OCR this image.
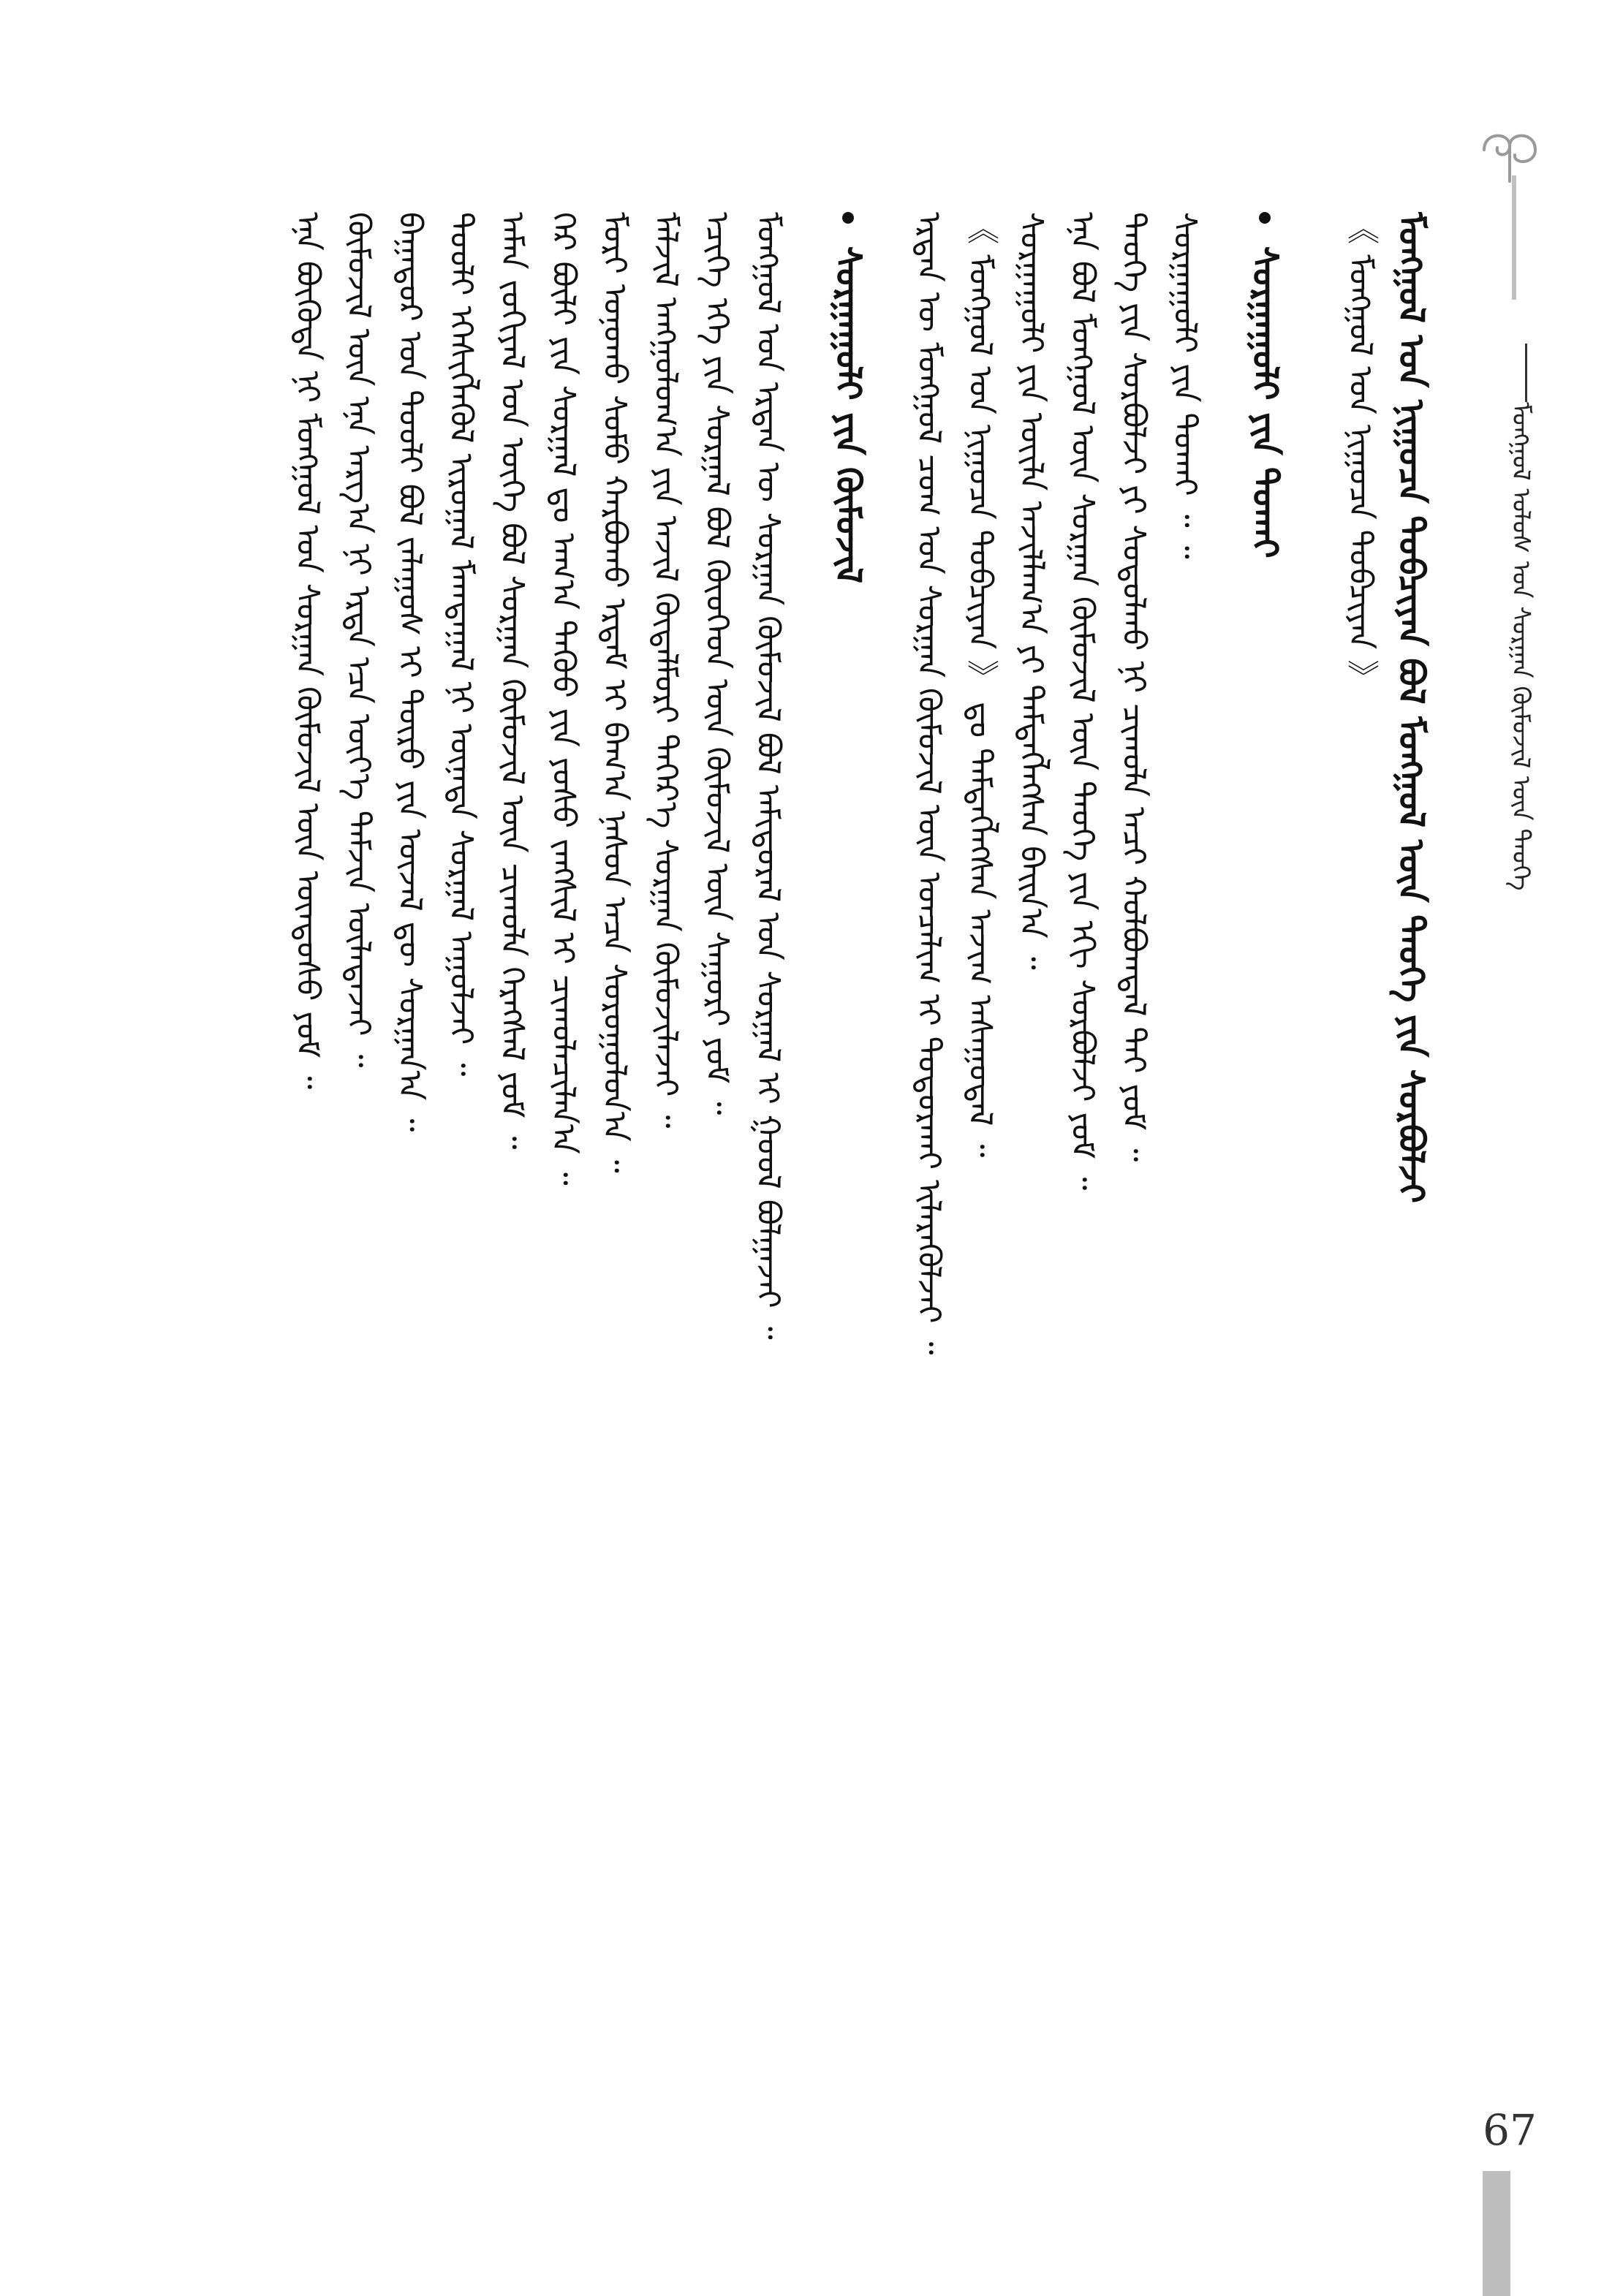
ᠮᠣᠩᠭᠣᠯ ᠤᠯᠤᠰ ᠤᠨ ᠰᠤᠷᠭᠠᠨ ᠬᠦᠮᠦᠵᠢᠯ ᠦᠨ ᠲᠡᠦᠬᠡ
67
ᠮᠣᠩᠭᠣᠯ ᠤᠨ ᠨᠢᠭᠤᠴᠠ ᠲᠣᠪᠴᠢᠶᠠᠨ ᠪᠣᠯ ᠮᠣᠩᠭᠣᠯ ᠦᠨ ᠲᠡᠦᠬᠡ ᠶᠢᠨ ᠰᠤᠷᠪᠤᠯᠵᠢ
《 ᠮᠣᠩᠭᠣᠯ ᠤᠨ ᠨᠢᠭᠤᠴᠠ ᠲᠣᠪᠴᠢᠶᠠᠨ 》
ᠰᠤᠷᠭᠠᠭᠤᠯᠢ ᠶᠢᠨ ᠲᠤᠬᠠᠢ
ᠰᠤᠷᠭᠠᠭᠤᠯᠢ ᠶᠢᠨ ᠲᠤᠬᠠᠢ ᠃ ᠃
ᠲᠡᠦᠬᠡ ᠶᠢᠨ ᠰᠤᠷᠪᠤᠯᠵᠢ ᠶᠢ ᠰᠤᠳᠤᠯᠬᠤ ᠨᠢ ᠴᠢᠬᠤᠯᠠ ᠠᠴᠢ ᠬᠣᠯᠪᠣᠭᠳᠠᠯ ᠲᠠᠢ ᠶᠤᠮ ᠃
ᠡᠨᠡ ᠪᠣᠯ ᠮᠣᠩᠭᠣᠯ ᠦᠨ ᠰᠤᠷᠭᠠᠨ ᠬᠦᠮᠦᠵᠢᠯ ᠦᠨ ᠲᠡᠦᠬᠡ ᠶᠢᠨ ᠡᠬᠢ ᠰᠤᠷᠪᠤᠯᠵᠢ ᠶᠤᠮ ᠃
ᠰᠤᠷᠭᠠᠭᠤᠯᠢ ᠶᠢᠨ ᠦᠢᠯᠡ ᠠᠵᠢᠯᠯᠠᠭ᠎ᠠ ᠶᠢ ᠲᠡᠮᠳᠡᠭᠯᠡᠭᠰᠡᠨ ᠪᠠᠢᠨ᠎ᠠ ᠃
《 ᠮᠣᠩᠭᠣᠯ ᠤᠨ ᠨᠢᠭᠤᠴᠠ ᠲᠣᠪᠴᠢᠶᠠᠨ 》 ᠳᠤ ᠲᠡᠮᠳᠡᠭᠯᠡᠭᠰᠡᠨ ᠠᠵᠢᠭ ᠠᠰᠠᠭᠤᠳᠠᠯ ᠃
ᠡᠷᠲᠡᠨ ᠦ ᠮᠣᠩᠭᠣᠯ ᠴᠤᠭ ᠤᠨ ᠰᠤᠷᠭᠠᠨ ᠬᠦᠮᠦᠵᠢᠯ ᠦᠨ ᠣᠨᠴᠠᠯᠢᠭ ᠢ ᠲᠣᠳᠤᠷᠬᠠᠶ ᠢᠯᠡᠷᠡᠭᠦᠯᠵᠡᠢ ᠃
ᠰᠤᠷᠭᠠᠭᠤᠯᠢ ᠶᠢᠨ ᠬᠦᠮᠦᠵᠢᠯ
ᠮᠣᠩᠭᠣᠯ ᠤᠨ ᠡᠷᠲᠡᠨ ᠦ ᠰᠤᠷᠭᠠᠨ ᠬᠦᠮᠦᠵᠢᠯ ᠪᠣᠯ ᠠᠮᠢᠳᠤᠷᠠᠯ ᠤᠨ ᠰᠤᠷᠭᠠᠯ ᠢ ᠭᠣᠣᠯ ᠪᠣᠯᠭᠠᠵᠠᠢ ᠃
ᠡᠴᠢᠭᠡ ᠡᠬᠡ ᠶᠢᠨ ᠰᠤᠷᠭᠠᠯ ᠪᠣᠯ ᠬᠦᠦᠬᠡᠳ ᠦᠨ ᠬᠦᠮᠦᠵᠢᠯ ᠦᠨ ᠰᠠᠭᠤᠷᠢ ᠶᠤᠮ ᠃
ᠮᠠᠯᠵᠢᠯ ᠠᠩᠭᠤᠯᠤᠭ᠎ᠠ ᠶᠢᠨ ᠠᠵᠢᠯ ᠬᠥᠳᠡᠯᠮᠦᠷᠢ ᠳᠡᠭᠡᠷ᠎ᠡ ᠰᠤᠷᠭᠠᠨ ᠬᠦᠮᠦᠵᠢᠯᠡᠵᠡᠢ ᠃
ᠮᠣᠷᠢ ᠤᠨᠤᠬᠤ ᠰᠤᠮᠤ ᠬᠠᠷᠪᠤᠬᠤ ᠡᠷᠳᠡᠮ ᠢ ᠪᠠᠭ᠎ᠠ ᠨᠠᠰᠤᠨ ᠠᠴᠠ ᠰᠤᠷᠤᠭᠤᠯᠤᠨ᠎ᠠ ᠃
ᠭᠡᠷ ᠪᠦᠯᠢ ᠶᠢᠨ ᠰᠤᠷᠭᠠᠯ ᠳᠤ ᠠᠬ᠎ᠠ ᠳᠡᠭᠦᠦ ᠶᠢᠨ ᠶᠣᠰᠣ ᠵᠠᠩᠱᠢᠯ ᠢ ᠴᠢᠬᠤᠯᠠᠴᠢᠯᠠᠨ᠎ᠠ ᠃
ᠠᠮᠠᠨ ᠵᠣᠬᠢᠶᠠᠯ ᠤᠨ ᠦᠭᠡ ᠪᠣᠯ ᠰᠤᠷᠭᠠᠨ ᠬᠦᠮᠦᠵᠢᠯ ᠦᠨ ᠴᠢᠬᠤᠯᠠ ᠬᠡᠷᠡᠭᠰᠡᠯ ᠶᠤᠮ ᠃
ᠲᠤᠤᠯᠢ ᠡᠭᠡᠰᠢᠭᠯᠡᠭᠦᠯ ᠢᠷᠤᠭᠠᠯ ᠮᠠᠭᠲᠠᠭᠠᠯ ᠨᠢ ᠦᠨᠡᠲᠡ ᠰᠤᠷᠭᠠᠯ ᠠᠭᠤᠯᠵᠠᠢ ᠃
ᠪᠠᠭᠠᠳᠤᠷ ᠤᠨ ᠲᠤᠤᠯᠢ ᠪᠣᠯ ᠵᠠᠯᠠᠭᠤᠰ ᠢ ᠲᠦᠷᠦ ᠶᠢᠨ ᠦᠵᠡᠯ ᠳᠦ ᠰᠤᠷᠭᠠᠨ᠎ᠠ ᠃
ᠬᠦᠮᠦᠵᠢᠯ ᠦᠨ ᠡᠨᠡ ᠠᠷᠭ᠎ᠠ ᠨᠢ ᠡᠷᠲᠡ ᠡᠴᠡ ᠦᠶ᠎ᠡ ᠳᠠᠮᠵᠢᠨ ᠦᠯᠡᠳᠡᠵᠡᠢ ᠃
ᠡᠨᠡ ᠪᠦᠭᠦᠳᠡ ᠨᠢ ᠮᠣᠩᠭᠣᠯ ᠤᠨ ᠰᠤᠷᠭᠠᠨ ᠬᠦᠮᠦᠵᠢᠯ ᠦᠨ ᠦᠨᠳᠦᠰᠦ ᠶᠤᠮ ᠃
